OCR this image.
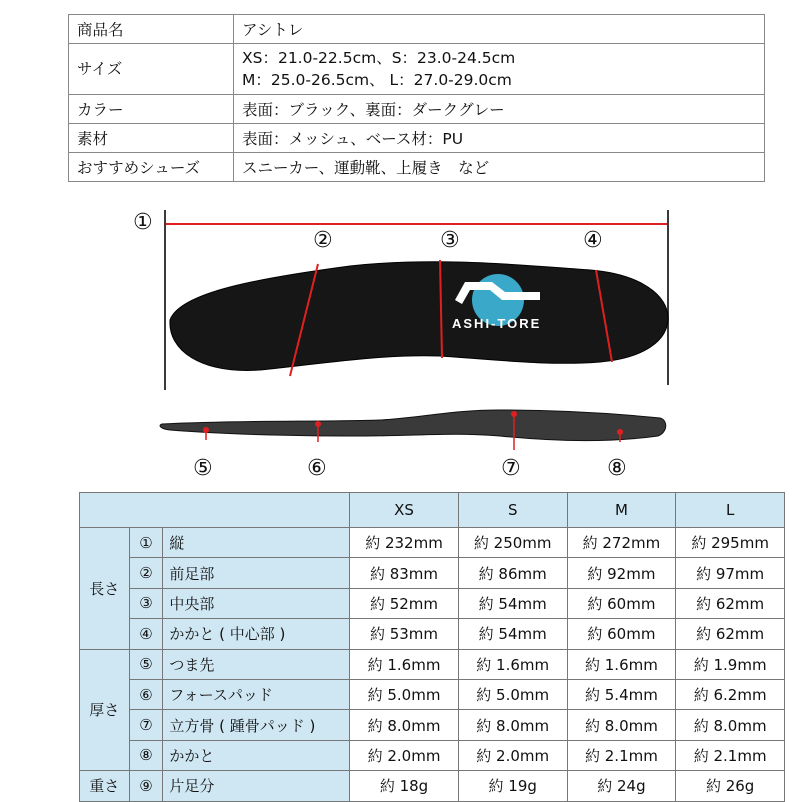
商品名	アシトレ
サイズ	XS：21.0-22.5cm、S：23.0-24.5cm
M：25.0-26.5cm、 L：27.0-29.0cm

カラー	表面：ブラック、裏面：ダークグレー
素材	表面：メッシュ、ベース材：PU
おすすめシューズ	スニーカー、運動靴、上履き　など
ASHI-TORE
①
②	③	④
⑤	⑥	⑦	⑧
			XS	S	M	L
長さ	①	縦	約 232mm	約 250mm	約 272mm	約 295mm
	②	前足部	約 83mm	約 86mm	約 92mm	約 97mm
	③	中央部	約 52mm	約 54mm	約 60mm	約 62mm
	④	かかと ( 中心部 )	約 53mm	約 54mm	約 60mm	約 62mm
厚さ	⑤	つま先	約 1.6mm	約 1.6mm	約 1.6mm	約 1.9mm
	⑥	フォースパッド	約 5.0mm	約 5.0mm	約 5.4mm	約 6.2mm
	⑦	立方骨 ( 踵骨パッド )	約 8.0mm	約 8.0mm	約 8.0mm	約 8.0mm
	⑧	かかと	約 2.0mm	約 2.0mm	約 2.1mm	約 2.1mm
重さ	⑨	片足分	約 18g	約 19g	約 24g	約 26g
